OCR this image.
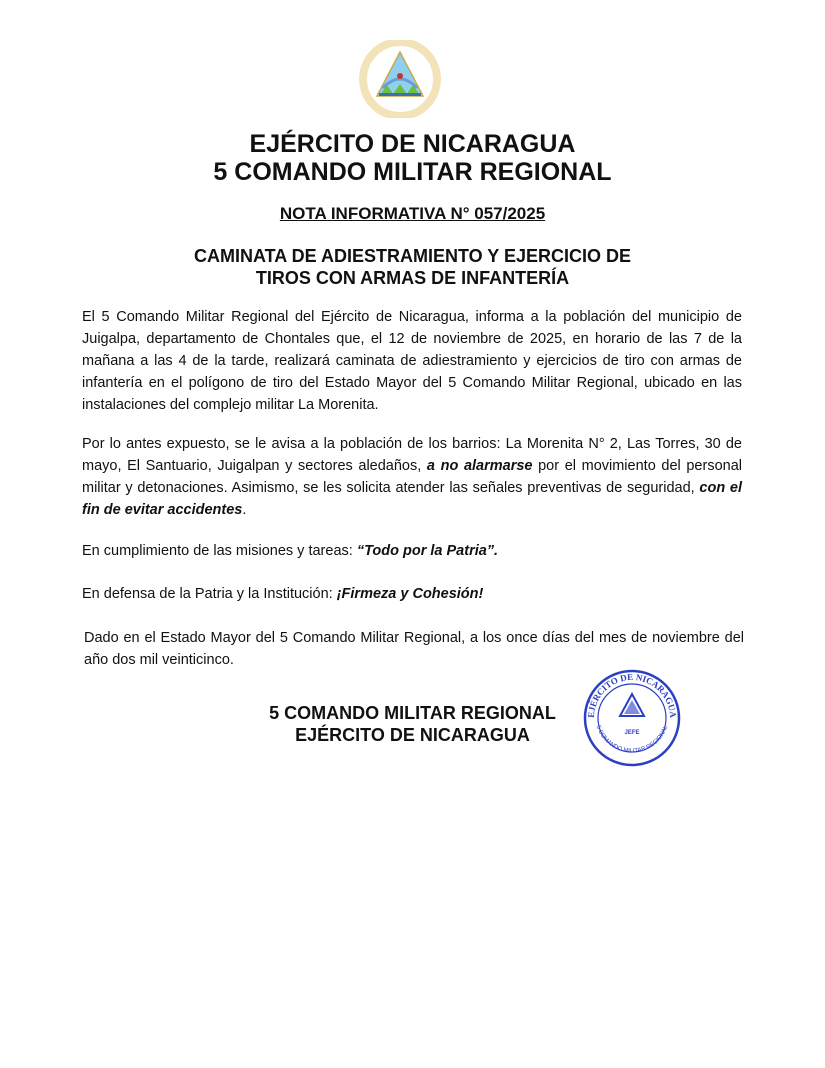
EJÉRCITO DE NICARAGUA
5 COMANDO MILITAR REGIONAL
NOTA INFORMATIVA N° 057/2025
CAMINATA DE ADIESTRAMIENTO Y EJERCICIO DE
TIROS CON ARMAS DE INFANTERÍA
El 5 Comando Militar Regional del Ejército de Nicaragua, informa a la población del municipio de Juigalpa, departamento de Chontales que, el 12 de noviembre de 2025, en horario de las 7 de la mañana a las 4 de la tarde, realizará caminata de adiestramiento y ejercicios de tiro con armas de infantería en el polígono de tiro del Estado Mayor del 5 Comando Militar Regional, ubicado en las instalaciones del complejo militar La Morenita.
Por lo antes expuesto, se le avisa a la población de los barrios: La Morenita N° 2, Las Torres, 30 de mayo, El Santuario, Juigalpan y sectores aledaños, a no alarmarse por el movimiento del personal militar y detonaciones. Asimismo, se les solicita atender las señales preventivas de seguridad, con el fin de evitar accidentes.
En cumplimiento de las misiones y tareas: “Todo por la Patria”.
En defensa de la Patria y la Institución: ¡Firmeza y Cohesión!
Dado en el Estado Mayor del 5 Comando Militar Regional, a los once días del mes de noviembre del año dos mil veinticinco.
5 COMANDO MILITAR REGIONAL
EJÉRCITO DE NICARAGUA
EJÉRCITO DE NICARAGUA
5 COMANDO MILITAR REGIONAL
JEFE
